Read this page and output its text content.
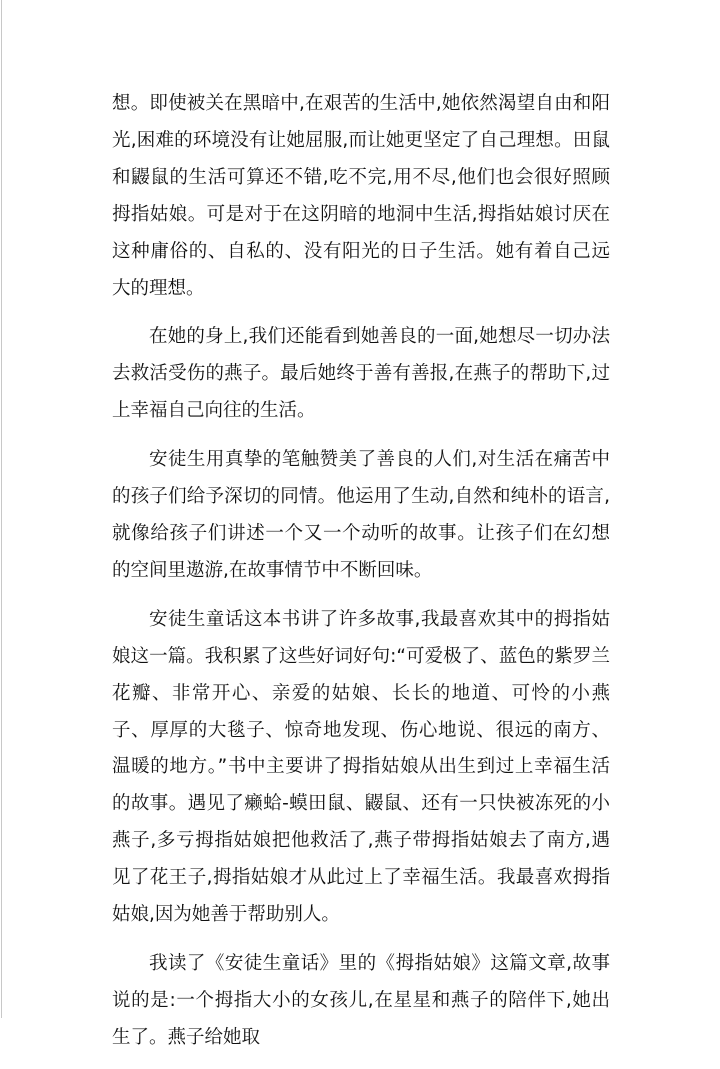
想。即使被关在黑暗中,在艰苦的生活中,她依然渴望自由和阳光,困难的环境没有让她屈服,而让她更坚定了自己理想。田鼠和鼹鼠的生活可算还不错,吃不完,用不尽,他们也会很好照顾拇指姑娘。可是对于在这阴暗的地洞中生活,拇指姑娘讨厌在这种庸俗的、自私的、没有阳光的日子生活。她有着自己远大的理想。

在她的身上,我们还能看到她善良的一面,她想尽一切办法去救活受伤的燕子。最后她终于善有善报,在燕子的帮助下,过上幸福自己向往的生活。

安徒生用真挚的笔触赞美了善良的人们,对生活在痛苦中的孩子们给予深切的同情。他运用了生动,自然和纯朴的语言,就像给孩子们讲述一个又一个动听的故事。让孩子们在幻想的空间里遨游,在故事情节中不断回味。

安徒生童话这本书讲了许多故事,我最喜欢其中的拇指姑娘这一篇。我积累了这些好词好句:“可爱极了、蓝色的紫罗兰花瓣、非常开心、亲爱的姑娘、长长的地道、可怜的小燕子、厚厚的大毯子、惊奇地发现、伤心地说、很远的南方、温暖的地方。”书中主要讲了拇指姑娘从出生到过上幸福生活的故事。遇见了癞蛤-蟆田鼠、鼹鼠、还有一只快被冻死的小燕子,多亏拇指姑娘把他救活了,燕子带拇指姑娘去了南方,遇见了花王子,拇指姑娘才从此过上了幸福生活。我最喜欢拇指姑娘,因为她善于帮助别人。

我读了《安徒生童话》里的《拇指姑娘》这篇文章,故事说的是:一个拇指大小的女孩儿,在星星和燕子的陪伴下,她出生了。燕子给她取
